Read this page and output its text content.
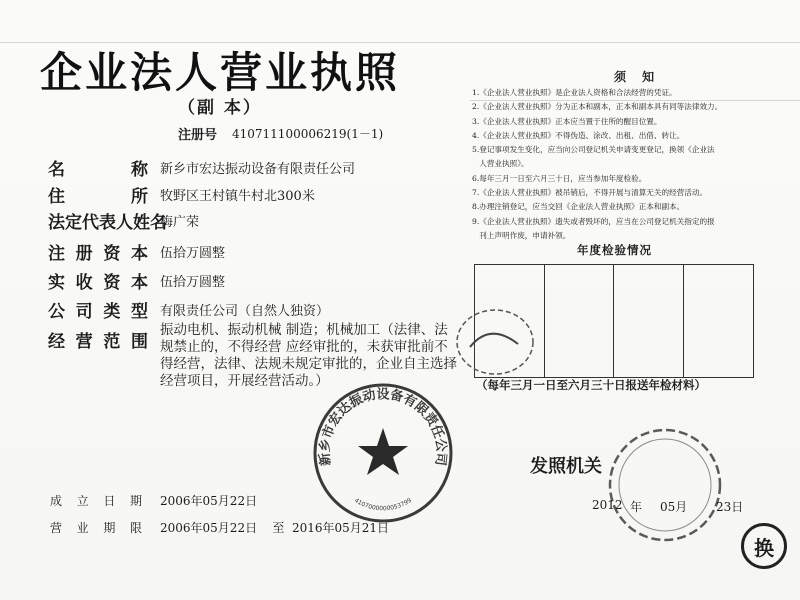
企业法人营业执照
（副 本）
注册号 410711100006219(1－1)
名	称 新乡市宏达振动设备有限责任公司
住	所 牧野区王村镇牛村北300米
法定代表人姓名
梅广荣
注 册 资 本 伍拾万圆整
实 收 资 本 伍拾万圆整
公 司 类 型 有限责任公司（自然人独资）
经 营 范 围
振动电机、振动机械 制造；机械加工（法律、法规禁止的，不得经营 应经审批的，未获审批前不得经营，法律、法规未规定审批的，企业自主选择经营项目，开展经营活动。）
成 立 日 期 2006年05月22日
营 业 期 限 2006年05月22日    至  2016年05月21日
新乡市宏达振动设备有限责任公司
4107000000053799
须 知
1.《企业法人营业执照》是企业法人资格和合法经营的凭证。
2.《企业法人营业执照》分为正本和副本，正本和副本具有同等法律效力。
3.《企业法人营业执照》正本应当置于住所的醒目位置。
4.《企业法人营业执照》不得伪造、涂改、出租、出借、转让。
5.登记事项发生变化，应当向公司登记机关申请变更登记，换领《企业法
人营业执照》。
6.每年三月一日至六月三十日，应当参加年度检验。
7.《企业法人营业执照》被吊销后，不得开展与清算无关的经营活动。
8.办理注销登记，应当交回《企业法人营业执照》正本和副本。
9.《企业法人营业执照》遗失或者毁坏的，应当在公司登记机关指定的报
刊上声明作废，申请补领。
年度检验情况
（每年三月一日至六月三十日报送年检材料）
发照机关
2012 年 05月 23日
换
